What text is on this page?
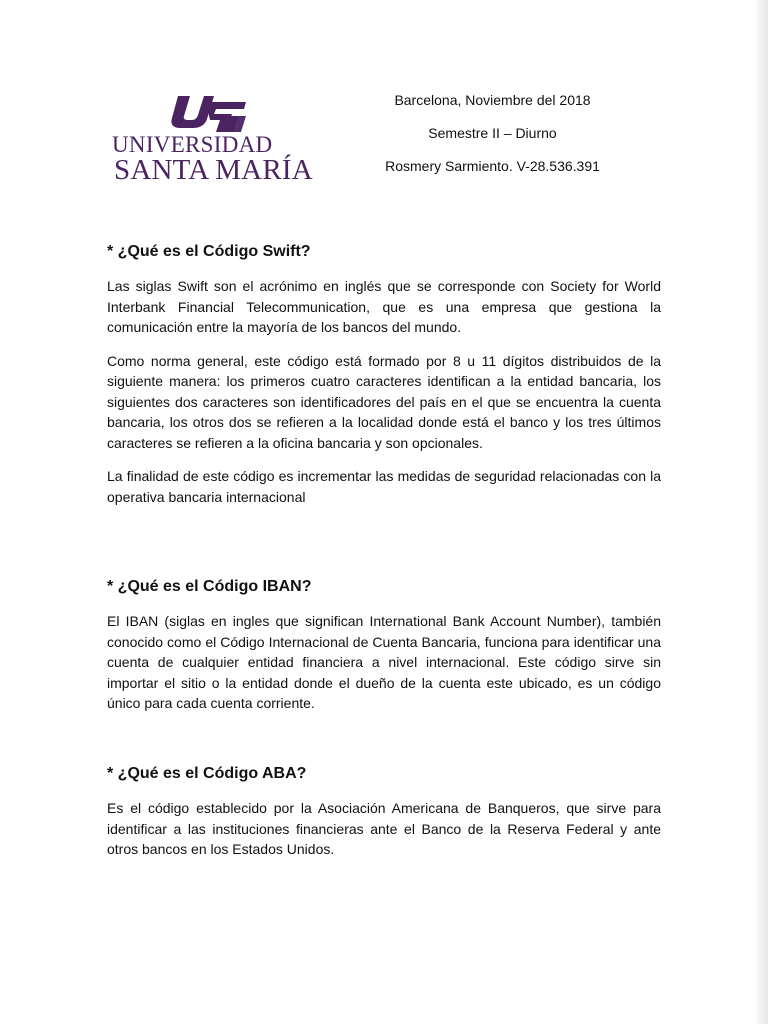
UNIVERSIDAD
SANTA MARÍA
Barcelona, Noviembre del 2018
Semestre II – Diurno
Rosmery Sarmiento. V-28.536.391
* ¿Qué es el Código Swift?

Las siglas Swift son el acrónimo en inglés que se corresponde con Society for World Interbank Financial Telecommunication, que es una empresa que gestiona la comunicación entre la mayoría de los bancos del mundo.

Como norma general, este código está formado por 8 u 11 dígitos distribuidos de la siguiente manera: los primeros cuatro caracteres identifican a la entidad bancaria, los siguientes dos caracteres son identificadores del país en el que se encuentra la cuenta bancaria, los otros dos se refieren a la localidad donde está el banco y los tres últimos caracteres se refieren a la oficina bancaria y son opcionales.

La finalidad de este código es incrementar las medidas de seguridad relacionadas con la operativa bancaria internacional

* ¿Qué es el Código IBAN?

El IBAN (siglas en ingles que significan International Bank Account Number), también conocido como el Código Internacional de Cuenta Bancaria, funciona para identificar una cuenta de cualquier entidad financiera a nivel internacional. Este código sirve sin importar el sitio o la entidad donde el dueño de la cuenta este ubicado, es un código único para cada cuenta corriente.

* ¿Qué es el Código ABA?

Es el código establecido por la Asociación Americana de Banqueros, que sirve para identificar a las instituciones financieras ante el Banco de la Reserva Federal y ante otros bancos en los Estados Unidos.
